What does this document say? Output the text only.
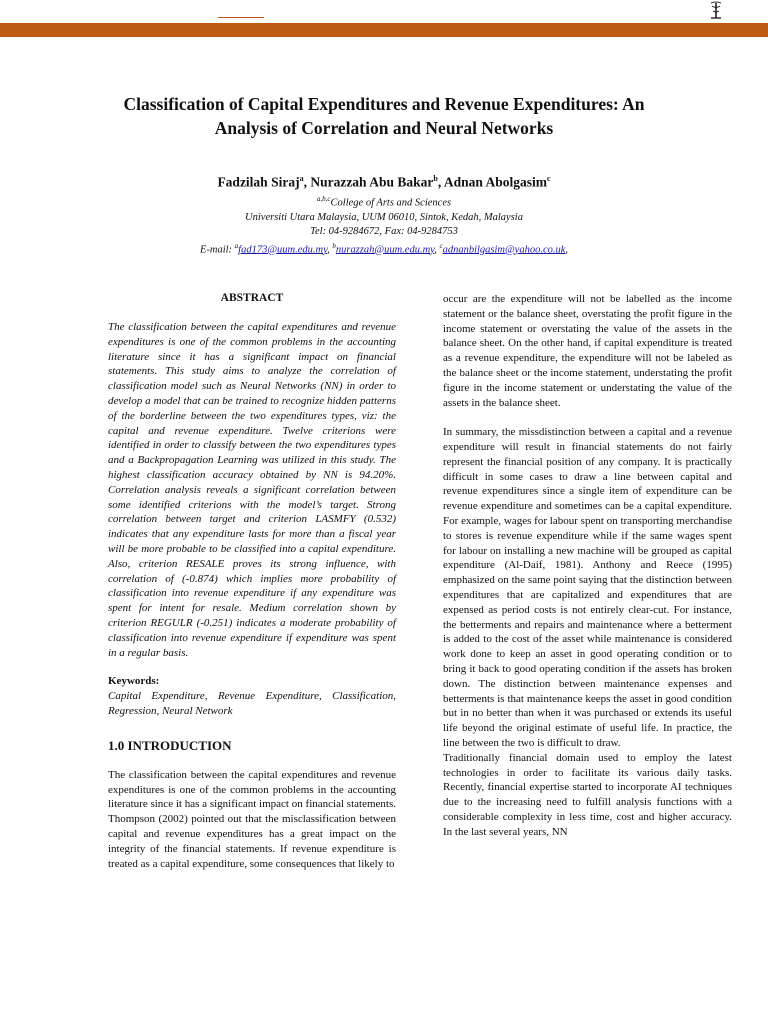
Classification of Capital Expenditures and Revenue Expenditures: An
Analysis of Correlation and Neural Networks
Fadzilah Siraj$^a$, Nurazzah Abu Bakar$^b$, Adnan Abolgasim$^c$
$^{a,b,c}$College of Arts and Sciences
Universiti Utara Malaysia, UUM 06010, Sintok, Kedah, Malaysia
Tel: 04-9284672, Fax: 04-9284753
E-mail: $^a$fad173@uum.edu.my, $^b$nurazzah@uum.edu.my, $^c$adnanbilgasim@yahoo.co.uk,
ABSTRACT

The classification between the capital expenditures and revenue expenditures is one of the common problems in the accounting literature since it has a significant impact on financial statements. This study aims to analyze the correlation of classification model such as Neural Networks (NN) in order to develop a model that can be trained to recognize hidden patterns of the borderline between the two expenditures types, viz: the capital and revenue expenditure. Twelve criterions were identified in order to classify between the two expenditures types and a Backpropagation Learning was utilized in this study. The highest classification accuracy obtained by NN is 94.20%. Correlation analysis reveals a significant correlation between some identified criterions with the model’s target. Strong correlation between target and criterion LASMFY (0.532) indicates that any expenditure lasts for more than a fiscal year will be more probable to be classified into a capital expenditure. Also, criterion RESALE proves its strong influence, with correlation of (-0.874) which implies more probability of classification into revenue expenditure if any expenditure was spent for intent for resale. Medium correlation shown by criterion REGULR (-0.251) indicates a moderate probability of classification into revenue expenditure if expenditure was spent in a regular basis.

Keywords:

Capital Expenditure, Revenue Expenditure, Classification, Regression, Neural Network

1.0 INTRODUCTION

The classification between the capital expenditures and revenue expenditures is one of the common problems in the accounting literature since it has a significant impact on financial statements. Thompson (2002) pointed out that the misclassification between capital and revenue expenditures has a great impact on the integrity of the financial statements. If revenue expenditure is treated as a capital expenditure, some consequences that likely to

occur are the expenditure will not be labelled as the income statement or the balance sheet, overstating the profit figure in the income statement or overstating the value of the assets in the balance sheet. On the other hand, if capital expenditure is treated as a revenue expenditure, the expenditure will not be labeled as the balance sheet or the income statement, understating the profit figure in the income statement or understating the value of the assets in the balance sheet.

In summary, the missdistinction between a capital and a revenue expenditure will result in financial statements do not fairly represent the financial position of any company. It is practically difficult in some cases to draw a line between capital and revenue expenditures since a single item of expenditure can be revenue expenditure and sometimes can be a capital expenditure. For example, wages for labour spent on transporting merchandise to stores is revenue expenditure while if the same wages spent for labour on installing a new machine will be grouped as capital expenditure (Al-Daif, 1981). Anthony and Reece (1995) emphasized on the same point saying that the distinction between expenditures that are capitalized and expenditures that are expensed as period costs is not entirely clear-cut. For instance, the betterments and repairs and maintenance where a betterment is added to the cost of the asset while maintenance is considered work done to keep an asset in good operating condition or to bring it back to good operating condition if the assets has broken down. The distinction between maintenance expenses and betterments is that maintenance keeps the asset in good condition but in no better than when it was purchased or extends its useful life beyond the original estimate of useful life. In practice, the line between the two is difficult to draw.

Traditionally financial domain used to employ the latest technologies in order to facilitate its various daily tasks. Recently, financial expertise started to incorporate AI techniques due to the increasing need to fulfill analysis functions with a considerable complexity in less time, cost and higher accuracy. In the last several years, NN
